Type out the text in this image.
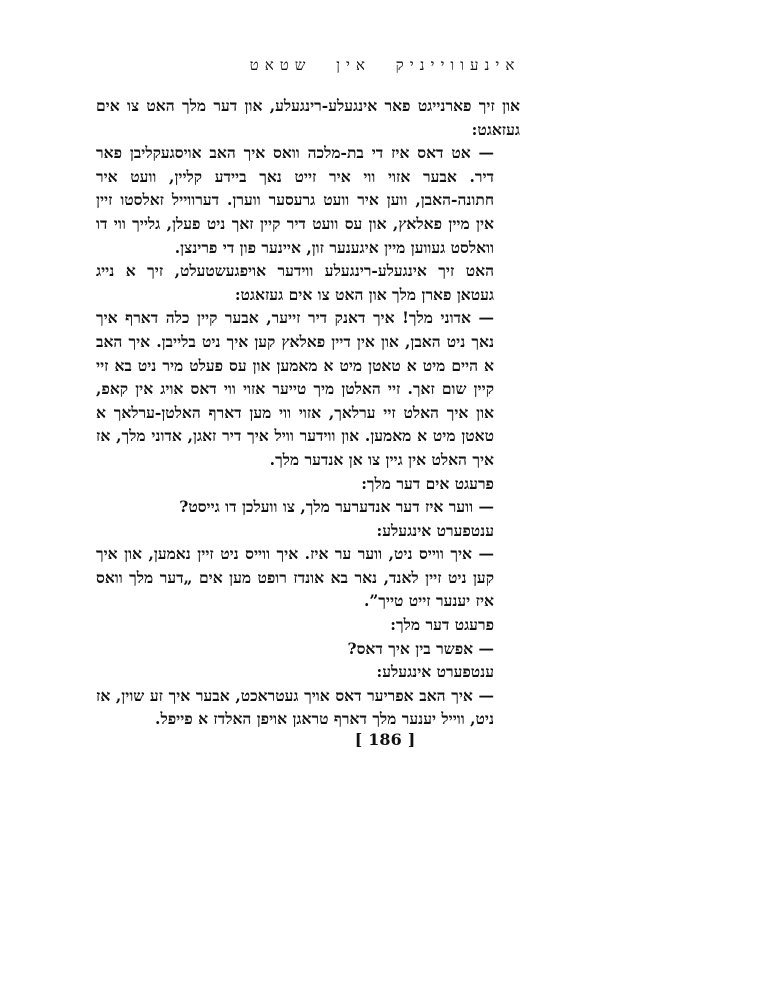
אינעווייניק אין שטאט

און זיך פארנייגט פאר אינגעלע-רינגעלע, און דער מלך האט צו אים געזאגט:

— אט דאס איז די בת-מלכה וואס איך האב אויסגעקליבן פאר דיר. אבער אזוי ווי איר זייט נאך ביידע קליין, וועט איר חתונה-האבן, ווען איר וועט גרעסער ווערן. דערווייל זאלסטו זיין אין מיין פאלאץ, און עס וועט דיר קיין זאך ניט פעלן, גלייך ווי דו וואלסט געווען מיין איגענער זון, איינער פון די פרינצן.

האט זיך אינגעלע-רינגעלע ווידער אויפגעשטעלט, זיך א נייג געטאן פארן מלך און האט צו אים געזאגט:

— אדוני מלך! איך דאנק דיר זייער, אבער קיין כלה דארף איך נאך ניט האבן, און אין דיין פאלאץ קען איך ניט בלייבן. איך האב א היים מיט א טאטן מיט א מאמען און עס פעלט מיר ניט בא זיי קיין שום זאך. זיי האלטן מיך טייער אזוי ווי דאס אויג אין קאפ, און איך האלט זיי ערלאך, אזוי ווי מען דארף האלטן-ערלאך א טאטן מיט א מאמען. און ווידער וויל איך דיר זאגן, אדוני מלך, אז איך האלט אין גיין צו אן אנדער מלך.

פרעגט אים דער מלך:

— ווער איז דער אנדערער מלך, צו וועלכן דו גייסט?

ענטפערט אינגעלע:

— איך ווייס ניט, ווער ער איז. איך ווייס ניט זיין נאמען, און איך קען ניט זיין לאנד, נאר בא אונדז רופט מען אים „דער מלך וואס איז יענער זייט טייך”.

פרעגט דער מלך:

— אפשר בין איך דאס?

ענטפערט אינגעלע:

— איך האב אפריער דאס אויך געטראכט, אבער איך זע שוין, אז ניט, ווייל יענער מלך דארף טראגן אויפן האלדז א פייפל.

[ 186 ]
